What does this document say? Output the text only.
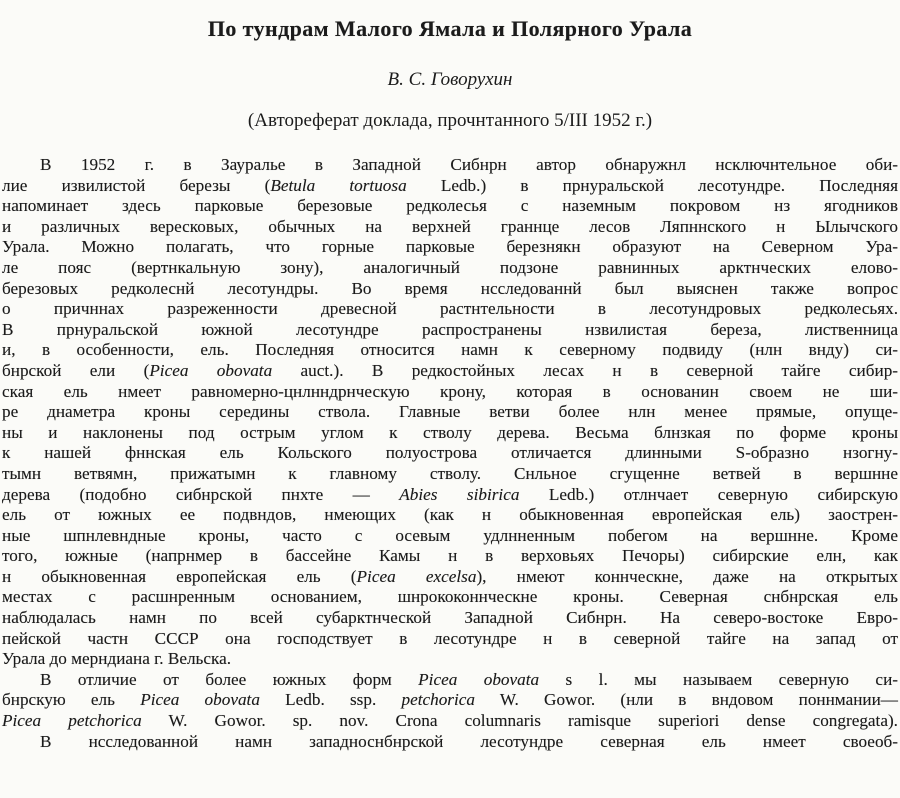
По тундрам Малого Ямала и Полярного Урала
В. С. Говорухин
(Автореферат доклада, прочнтанного 5/III 1952 г.)
В 1952 г. в Зауралье в Западной Сибнрн автор обнаружнл нсключнтельное оби-
лие извилистой березы (Betula tortuosa Ledb.) в прнуральской лесотундре. Последняя
напоминает здесь парковые березовые редколесья с наземным покровом нз ягодников
и различных вересковых, обычных на верхней граннце лесов Ляпннского н Ылычского
Урала. Можно полагать, что горные парковые березнякн образуют на Северном Ура-
ле пояс (вертнкальную зону), аналогичный подзоне равнинных арктнческих елово-
березовых редколеснй лесотундры. Во время нсследованнй был выяснен также вопрос
о причннах разреженности древесной растнтельности в лесотундровых редколесьях.
В прнуральской южной лесотундре распространены нзвилистая береза, лиственница
и, в особенности, ель. Последняя относится намн к северному подвиду (нлн внду) си-
бнрской ели (Picea obovata auct.). В редкостойных лесах н в северной тайге сибир-
ская ель нмеет равномерно-цнлнндрнческую крону, которая в основанин своем не ши-
ре днаметра кроны середины ствола. Главные ветви более нлн менее прямые, опуще-
ны и наклонены под острым углом к стволу дерева. Весьма блнзкая по форме кроны
к нашей фннская ель Кольского полуострова отличается длинными S-образно нзогну-
тымн ветвямн, прижатымн к главному стволу. Снльное сгущенне ветвей в вершнне
дерева (подобно сибнрской пнхте — Abies sibirica Ledb.) отлнчает северную сибирскую
ель от южных ее подвндов, нмеющих (как н обыкновенная европейская ель) заострен-
ные шпнлевндные кроны, часто с осевым удлнненным побегом на вершнне. Кроме
того, южные (напрнмер в бассейне Камы н в верховьях Печоры) сибирские елн, как
н обыкновенная европейская ель (Picea excelsa), нмеют коннческне, даже на открытых
местах с расшнренным основанием, шнрококоннческне кроны. Северная снбнрская ель
наблюдалась намн по всей субарктнческой Западной Сибнрн. На северо-востоке Евро-
пейской частн СССР она господствует в лесотундре н в северной тайге на запад от
Урала до мерндиана г. Вельска.
В отличие от более южных форм Picea obovata s l. мы называем северную си-
бнрскую ель Picea obovata Ledb. ssp. petchorica W. Gowor. (нли в вндовом поннмании—
Picea petchorica W. Gowor. sp. nov. Crona columnaris ramisque superiori dense congregata).
В нсследованной намн западноснбнрской лесотундре северная ель нмеет своеоб-
